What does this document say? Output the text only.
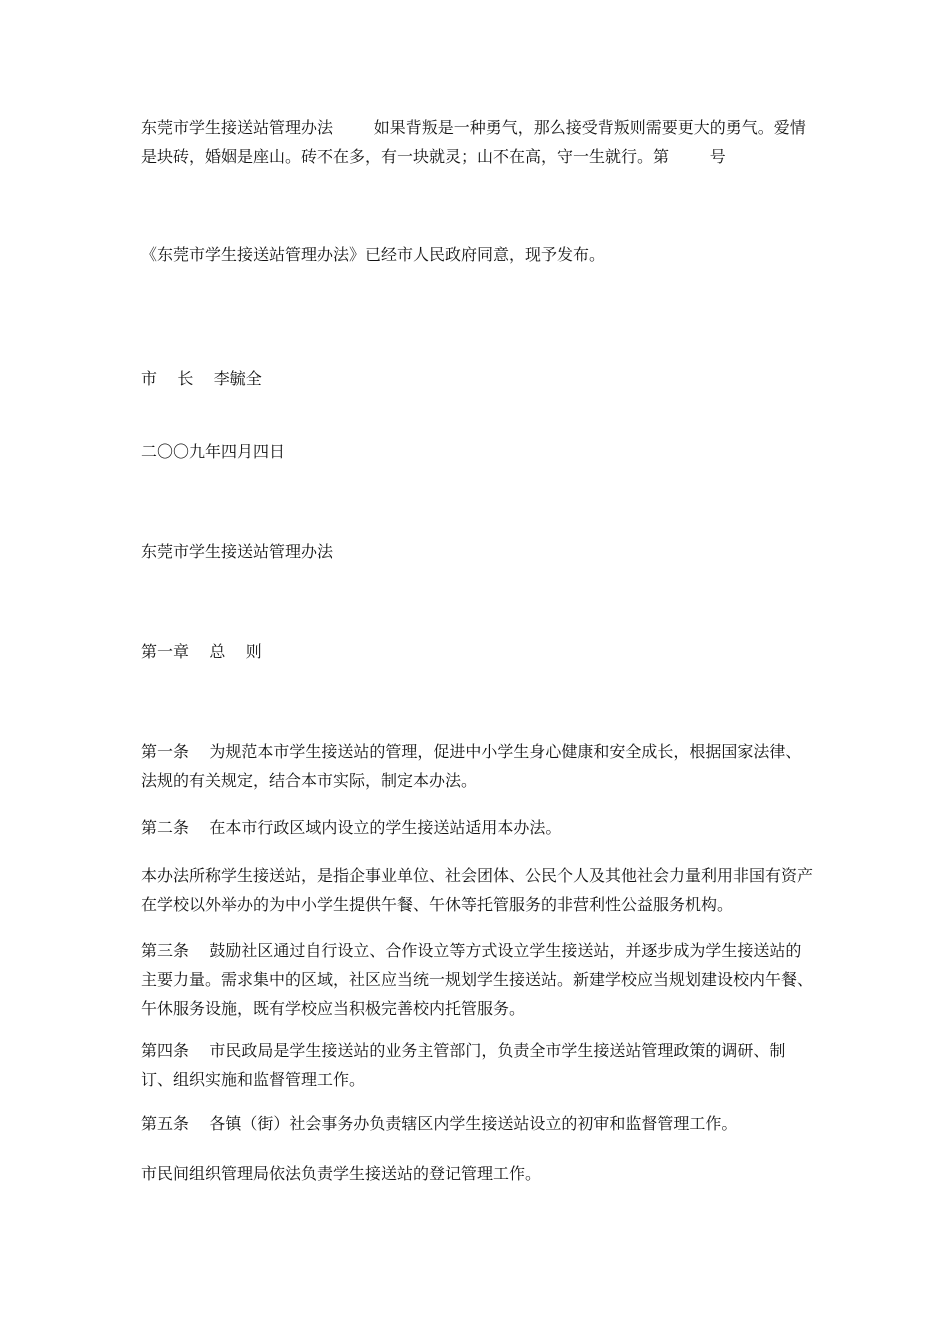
东莞市学生接送站管理办法        如果背叛是一种勇气，那么接受背叛则需要更大的勇气。爱情是块砖，婚姻是座山。砖不在多，有一块就灵；山不在高，守一生就行。第        号

《东莞市学生接送站管理办法》已经市人民政府同意，现予发布。

市    长    李毓全

二〇〇九年四月四日

东莞市学生接送站管理办法

第一章    总    则

第一条    为规范本市学生接送站的管理，促进中小学生身心健康和安全成长，根据国家法律、法规的有关规定，结合本市实际，制定本办法。

第二条    在本市行政区域内设立的学生接送站适用本办法。

本办法所称学生接送站，是指企事业单位、社会团体、公民个人及其他社会力量利用非国有资产在学校以外举办的为中小学生提供午餐、午休等托管服务的非营利性公益服务机构。

第三条    鼓励社区通过自行设立、合作设立等方式设立学生接送站，并逐步成为学生接送站的主要力量。需求集中的区域，社区应当统一规划学生接送站。新建学校应当规划建设校内午餐、午休服务设施，既有学校应当积极完善校内托管服务。

第四条    市民政局是学生接送站的业务主管部门，负责全市学生接送站管理政策的调研、制订、组织实施和监督管理工作。

第五条    各镇（街）社会事务办负责辖区内学生接送站设立的初审和监督管理工作。

市民间组织管理局依法负责学生接送站的登记管理工作。
